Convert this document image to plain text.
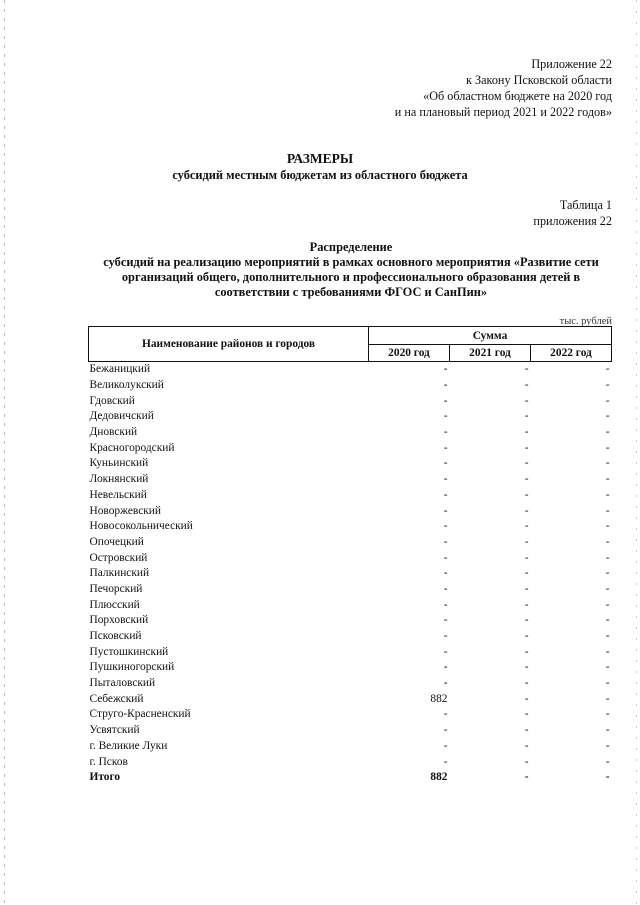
Приложение 22
к Закону Псковской области
«Об областном бюджете на 2020 год
и на плановый период 2021 и 2022 годов»
РАЗМЕРЫ
субсидий местным бюджетам из областного бюджета
Таблица 1
приложения 22
Распределение
субсидий на реализацию мероприятий в рамках основного мероприятия «Развитие сети
организаций общего, дополнительного и профессионального образования детей в
соответствии с требованиями ФГОС и СанПин»
тыс. рублей
Наименование районов и городов	Сумма		
	2020 год	2021 год	2022 год
Бежаницкий	-	-	-
Великолукский	-	-	-
Гдовский	-	-	-
Дедовичский	-	-	-
Дновский	-	-	-
Красногородский	-	-	-
Куньинский	-	-	-
Локнянский	-	-	-
Невельский	-	-	-
Новоржевский	-	-	-
Новосокольнический	-	-	-
Опочецкий	-	-	-
Островский	-	-	-
Палкинский	-	-	-
Печорский	-	-	-
Плюсский	-	-	-
Порховский	-	-	-
Псковский	-	-	-
Пустошкинский	-	-	-
Пушкиногорский	-	-	-
Пыталовский	-	-	-
Себежский	882	-	-
Струго-Красненский	-	-	-
Усвятский	-	-	-
г. Великие Луки	-	-	-
г. Псков	-	-	-
Итого	882	-	-
